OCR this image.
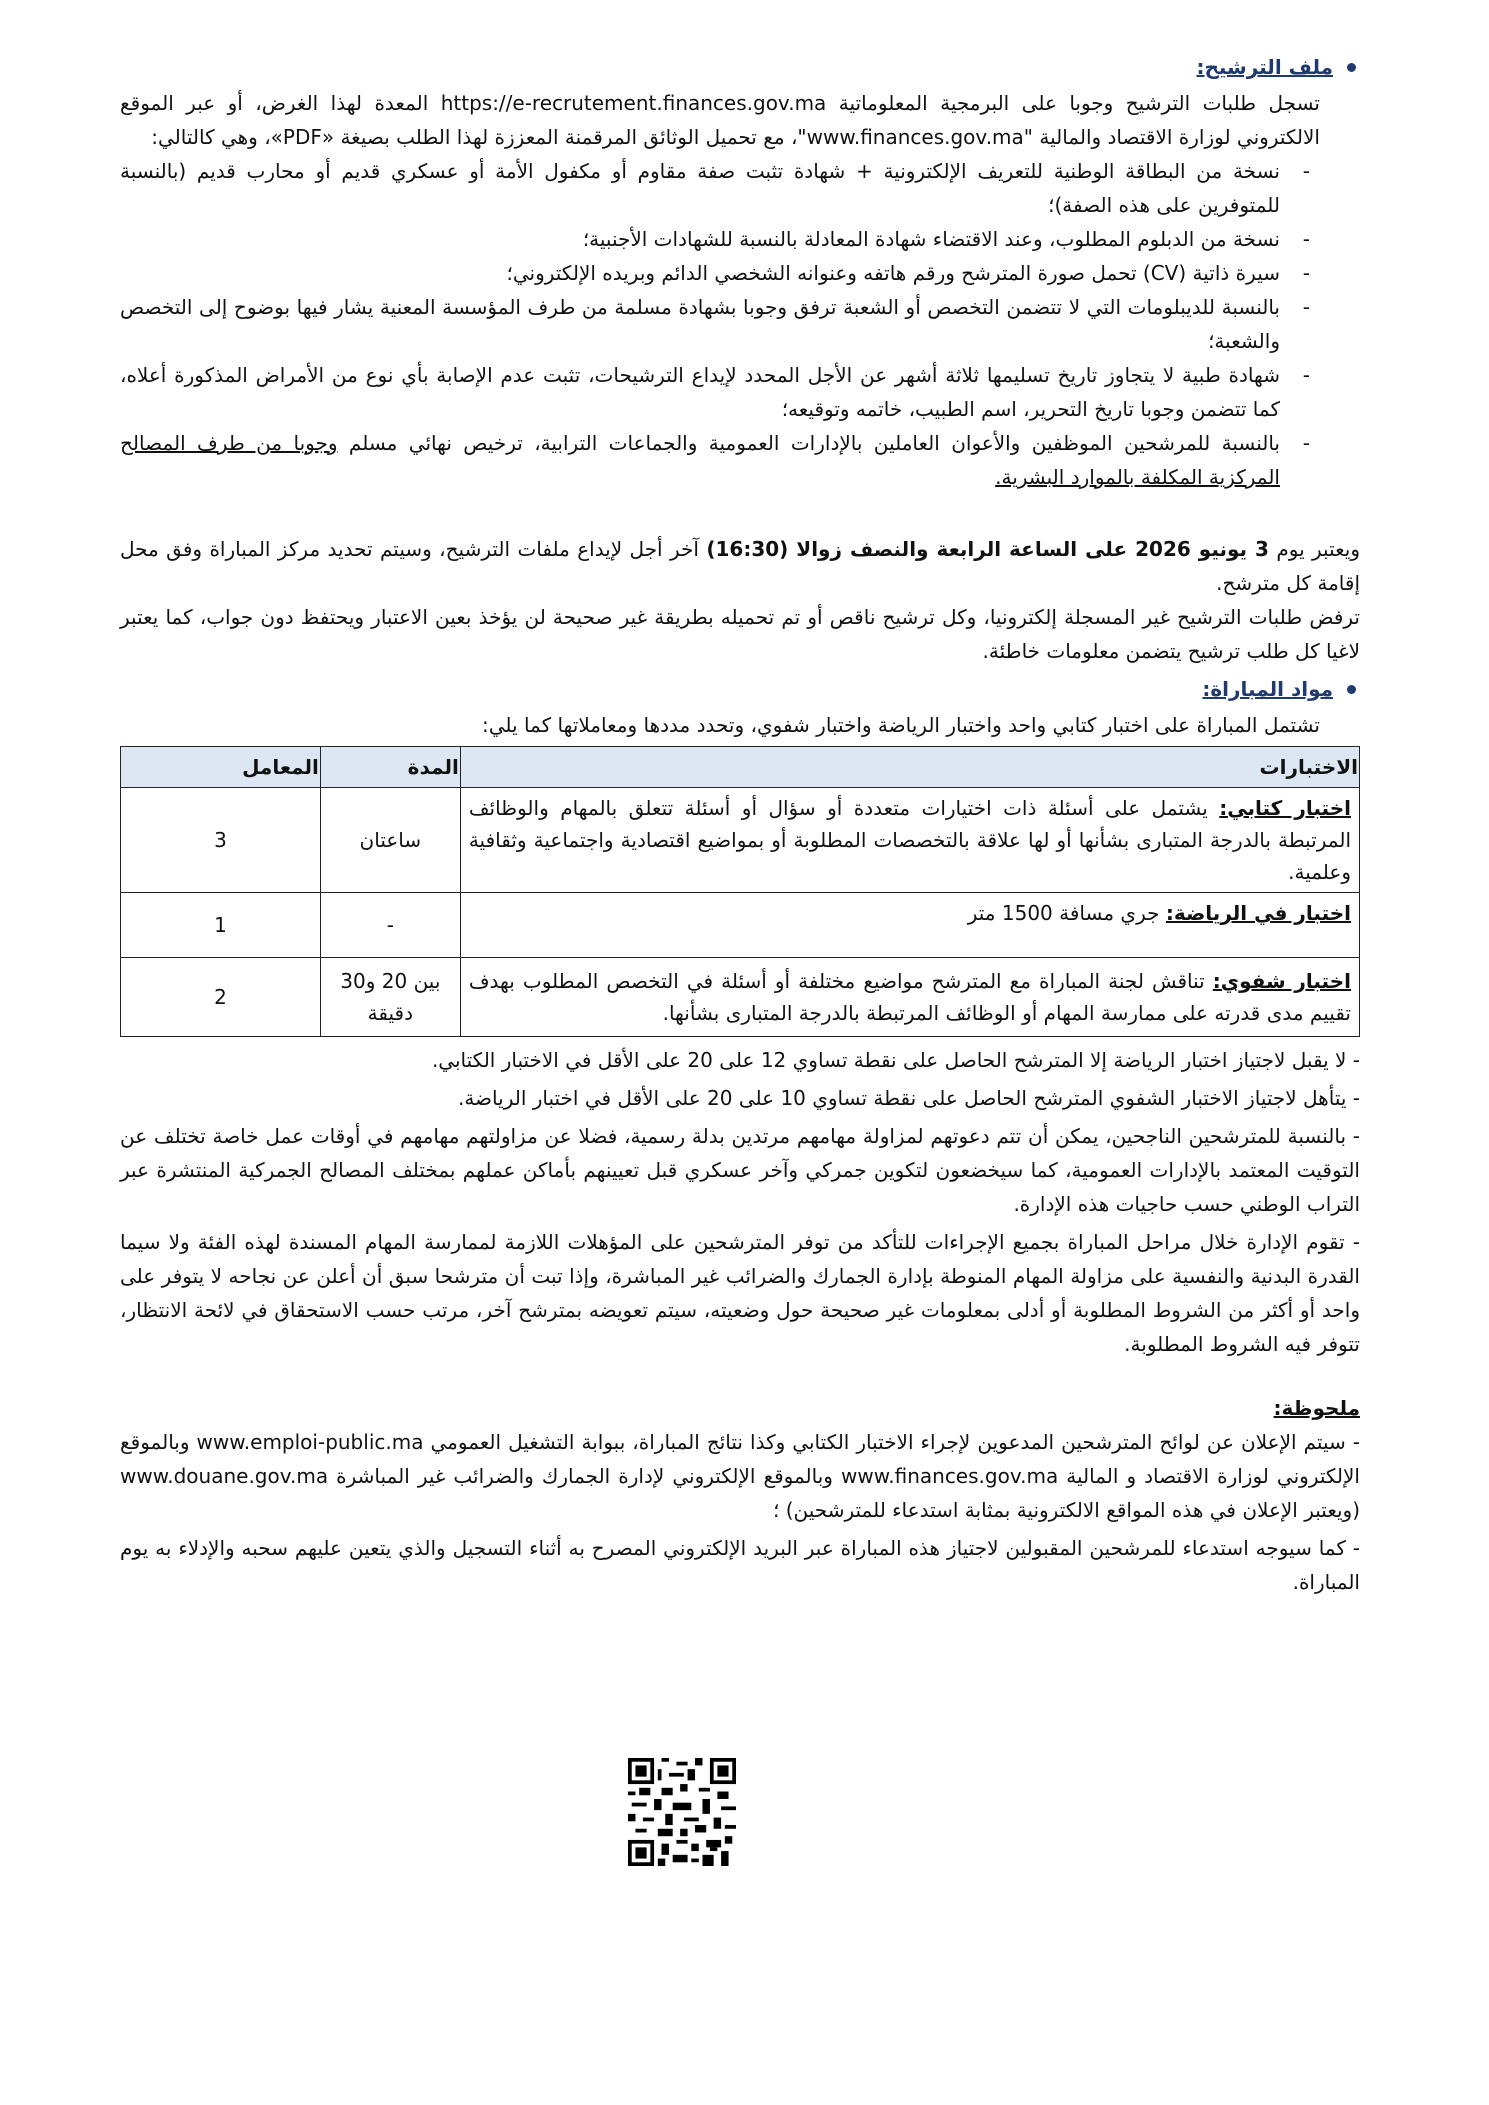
ملف الترشيح:

تسجل طلبات الترشيح وجوبا على البرمجية المعلوماتية https://e-recrutement.finances.gov.ma المعدة لهذا الغرض، أو عبر الموقع الالكتروني لوزارة الاقتصاد والمالية "www.finances.gov.ma"، مع تحميل الوثائق المرقمنة المعززة لهذا الطلب بصيغة «PDF»، وهي كالتالي:

- نسخة من البطاقة الوطنية للتعريف الإلكترونية + شهادة تثبت صفة مقاوم أو مكفول الأمة أو عسكري قديم أو محارب قديم (بالنسبة للمتوفرين على هذه الصفة)؛
- نسخة من الدبلوم المطلوب، وعند الاقتضاء شهادة المعادلة بالنسبة للشهادات الأجنبية؛
- سيرة ذاتية (CV) تحمل صورة المترشح ورقم هاتفه وعنوانه الشخصي الدائم وبريده الإلكتروني؛
- بالنسبة للديبلومات التي لا تتضمن التخصص أو الشعبة ترفق وجوبا بشهادة مسلمة من طرف المؤسسة المعنية يشار فيها بوضوح إلى التخصص والشعبة؛
- شهادة طبية لا يتجاوز تاريخ تسليمها ثلاثة أشهر عن الأجل المحدد لإيداع الترشيحات، تثبت عدم الإصابة بأي نوع من الأمراض المذكورة أعلاه، كما تتضمن وجوبا تاريخ التحرير، اسم الطبيب، خاتمه وتوقيعه؛
- بالنسبة للمرشحين الموظفين والأعوان العاملين بالإدارات العمومية والجماعات الترابية، ترخيص نهائي مسلم وجوبا من طرف المصالح المركزية المكلفة بالموارد البشرية.

ويعتبر يوم 3 يونيو 2026 على الساعة الرابعة والنصف زوالا (16:30) آخر أجل لإيداع ملفات الترشيح، وسيتم تحديد مركز المباراة وفق محل إقامة كل مترشح.

ترفض طلبات الترشيح غير المسجلة إلكترونيا، وكل ترشيح ناقص أو تم تحميله بطريقة غير صحيحة لن يؤخذ بعين الاعتبار ويحتفظ دون جواب، كما يعتبر لاغيا كل طلب ترشيح يتضمن معلومات خاطئة.

مواد المباراة:

تشتمل المباراة على اختبار كتابي واحد واختبار الرياضة واختبار شفوي، وتحدد مددها ومعاملاتها كما يلي:

الاختبارات	المدة	المعامل
اختبار كتابي: يشتمل على أسئلة ذات اختيارات متعددة أو سؤال أو أسئلة تتعلق بالمهام والوظائف المرتبطة بالدرجة المتبارى بشأنها أو لها علاقة بالتخصصات المطلوبة أو بمواضيع اقتصادية واجتماعية وثقافية وعلمية.	ساعتان	3
اختبار في الرياضة: جري مسافة 1500 متر	-	1
اختبار شفوي: تناقش لجنة المباراة مع المترشح مواضيع مختلفة أو أسئلة في التخصص المطلوب بهدف تقييم مدى قدرته على ممارسة المهام أو الوظائف المرتبطة بالدرجة المتبارى بشأنها.	بين 20 و30 دقيقة	2

- لا يقبل لاجتياز اختبار الرياضة إلا المترشح الحاصل على نقطة تساوي 12 على 20 على الأقل في الاختبار الكتابي.

- يتأهل لاجتياز الاختبار الشفوي المترشح الحاصل على نقطة تساوي 10 على 20 على الأقل في اختبار الرياضة.

- بالنسبة للمترشحين الناجحين، يمكن أن تتم دعوتهم لمزاولة مهامهم مرتدين بدلة رسمية، فضلا عن مزاولتهم مهامهم في أوقات عمل خاصة تختلف عن التوقيت المعتمد بالإدارات العمومية، كما سيخضعون لتكوين جمركي وآخر عسكري قبل تعيينهم بأماكن عملهم بمختلف المصالح الجمركية المنتشرة عبر التراب الوطني حسب حاجيات هذه الإدارة.

- تقوم الإدارة خلال مراحل المباراة بجميع الإجراءات للتأكد من توفر المترشحين على المؤهلات اللازمة لممارسة المهام المسندة لهذه الفئة ولا سيما القدرة البدنية والنفسية على مزاولة المهام المنوطة بإدارة الجمارك والضرائب غير المباشرة، وإذا تبت أن مترشحا سبق أن أعلن عن نجاحه لا يتوفر على واحد أو أكثر من الشروط المطلوبة أو أدلى بمعلومات غير صحيحة حول وضعيته، سيتم تعويضه بمترشح آخر، مرتب حسب الاستحقاق في لائحة الانتظار، تتوفر فيه الشروط المطلوبة.

ملحوظة:

- سيتم الإعلان عن لوائح المترشحين المدعوين لإجراء الاختبار الكتابي وكذا نتائج المباراة، ببوابة التشغيل العمومي www.emploi-public.ma وبالموقع الإلكتروني لوزارة الاقتصاد و المالية www.finances.gov.ma وبالموقع الإلكتروني لإدارة الجمارك والضرائب غير المباشرة www.douane.gov.ma (ويعتبر الإعلان في هذه المواقع الالكترونية بمثابة استدعاء للمترشحين) ؛

- كما سيوجه استدعاء للمرشحين المقبولين لاجتياز هذه المباراة عبر البريد الإلكتروني المصرح به أثناء التسجيل والذي يتعين عليهم سحبه والإدلاء به يوم المباراة.
